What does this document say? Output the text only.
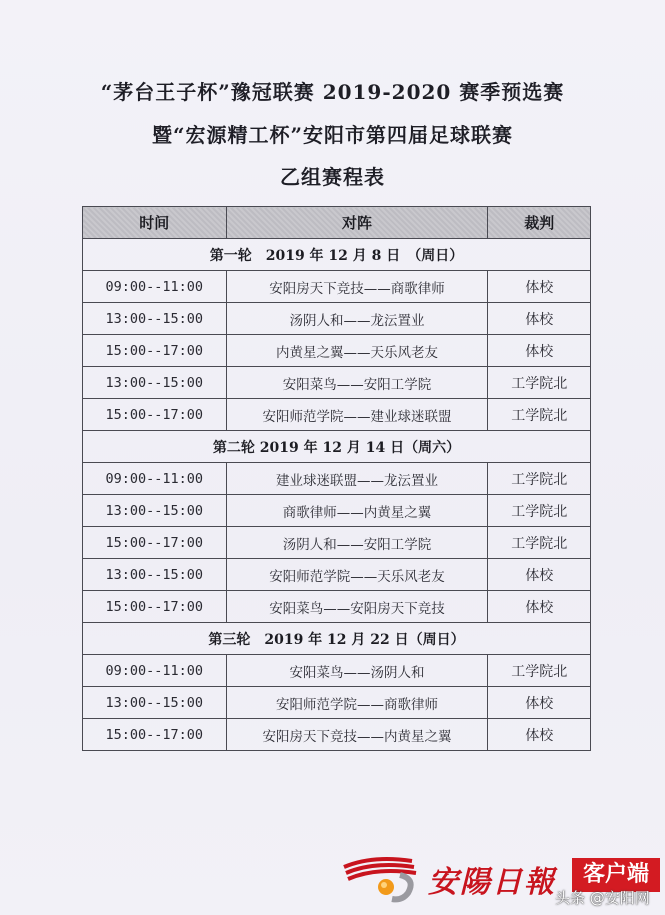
“茅台王子杯”豫冠联赛 2019-2020 赛季预选赛
暨“宏源精工杯”安阳市第四届足球联赛
乙组赛程表
时间	对阵	裁判
第一轮　2019 年 12 月 8 日　（周日）		
09:00--11:00	安阳房天下竞技——商歌律师	体校
13:00--15:00	汤阴人和——龙沄置业	体校
15:00--17:00	内黄星之翼——天乐风老友	体校
13:00--15:00	安阳菜鸟——安阳工学院	工学院北
15:00--17:00	安阳师范学院——建业球迷联盟	工学院北
第二轮 2019 年 12 月 14 日（周六）		
09:00--11:00	建业球迷联盟——龙沄置业	工学院北
13:00--15:00	商歌律师——内黄星之翼	工学院北
15:00--17:00	汤阴人和——安阳工学院	工学院北
13:00--15:00	安阳师范学院——天乐风老友	体校
15:00--17:00	安阳菜鸟——安阳房天下竞技	体校
第三轮　2019 年 12 月 22 日（周日）		
09:00--11:00	安阳菜鸟——汤阴人和	工学院北
13:00--15:00	安阳师范学院——商歌律师	体校
15:00--17:00	安阳房天下竞技——内黄星之翼	体校
安陽日報	客户端
头条 @安阳网
